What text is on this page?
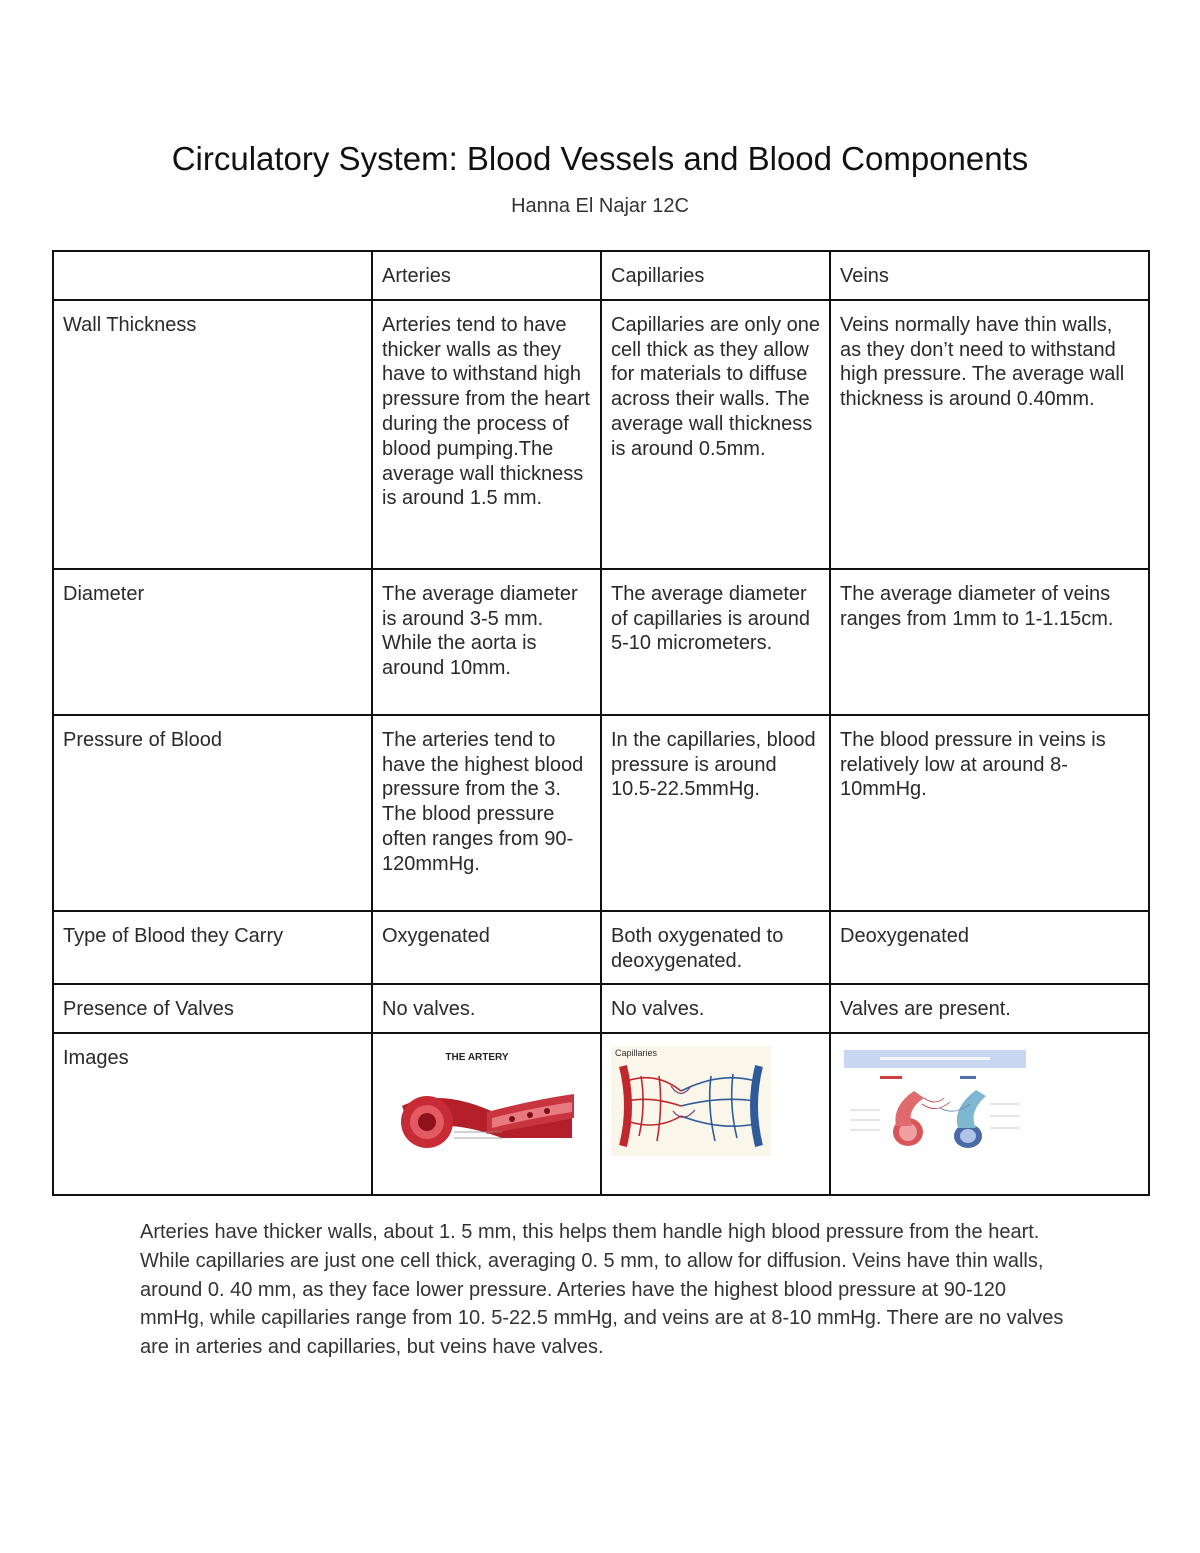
Circulatory System: Blood Vessels and Blood Components
Hanna El Najar 12C
	Arteries	Capillaries	Veins
Wall Thickness	Arteries tend to have thicker walls as they have to withstand high pressure from the heart during the process of blood pumping.The average wall thickness is around 1.5 mm.	Capillaries are only one cell thick as they allow for materials to diffuse across their walls. The average wall thickness is around 0.5mm.	Veins normally have thin walls, as they don’t need to withstand high pressure. The average wall thickness is around 0.40mm.
Diameter	The average diameter is around 3-5 mm. While the aorta is around 10mm.	The average diameter of capillaries is around 5-10 micrometers.	The average diameter of veins ranges from 1mm to 1-1.15cm.
Pressure of Blood	The arteries tend to have the highest blood pressure from the 3. The blood pressure often ranges from 90-120mmHg.	In the capillaries, blood pressure is around 10.5-22.5mmHg.	The blood pressure in veins is relatively low at around 8-10mmHg.
Type of Blood they Carry	Oxygenated	Both oxygenated to deoxygenated.	Deoxygenated
Presence of Valves	No valves.	No valves.	Valves are present.
Images	THE ARTERY	Capillaries

Arteries have thicker walls, about 1. 5 mm, this helps them handle high blood pressure from the heart. While capillaries are just one cell thick, averaging 0. 5 mm, to allow for diffusion. Veins have thin walls, around 0. 40 mm, as they face lower pressure. Arteries have the highest blood pressure at 90-120 mmHg, while capillaries range from 10. 5-22.5 mmHg, and veins are at 8-10 mmHg. There are no valves are in arteries and capillaries, but veins have valves.
